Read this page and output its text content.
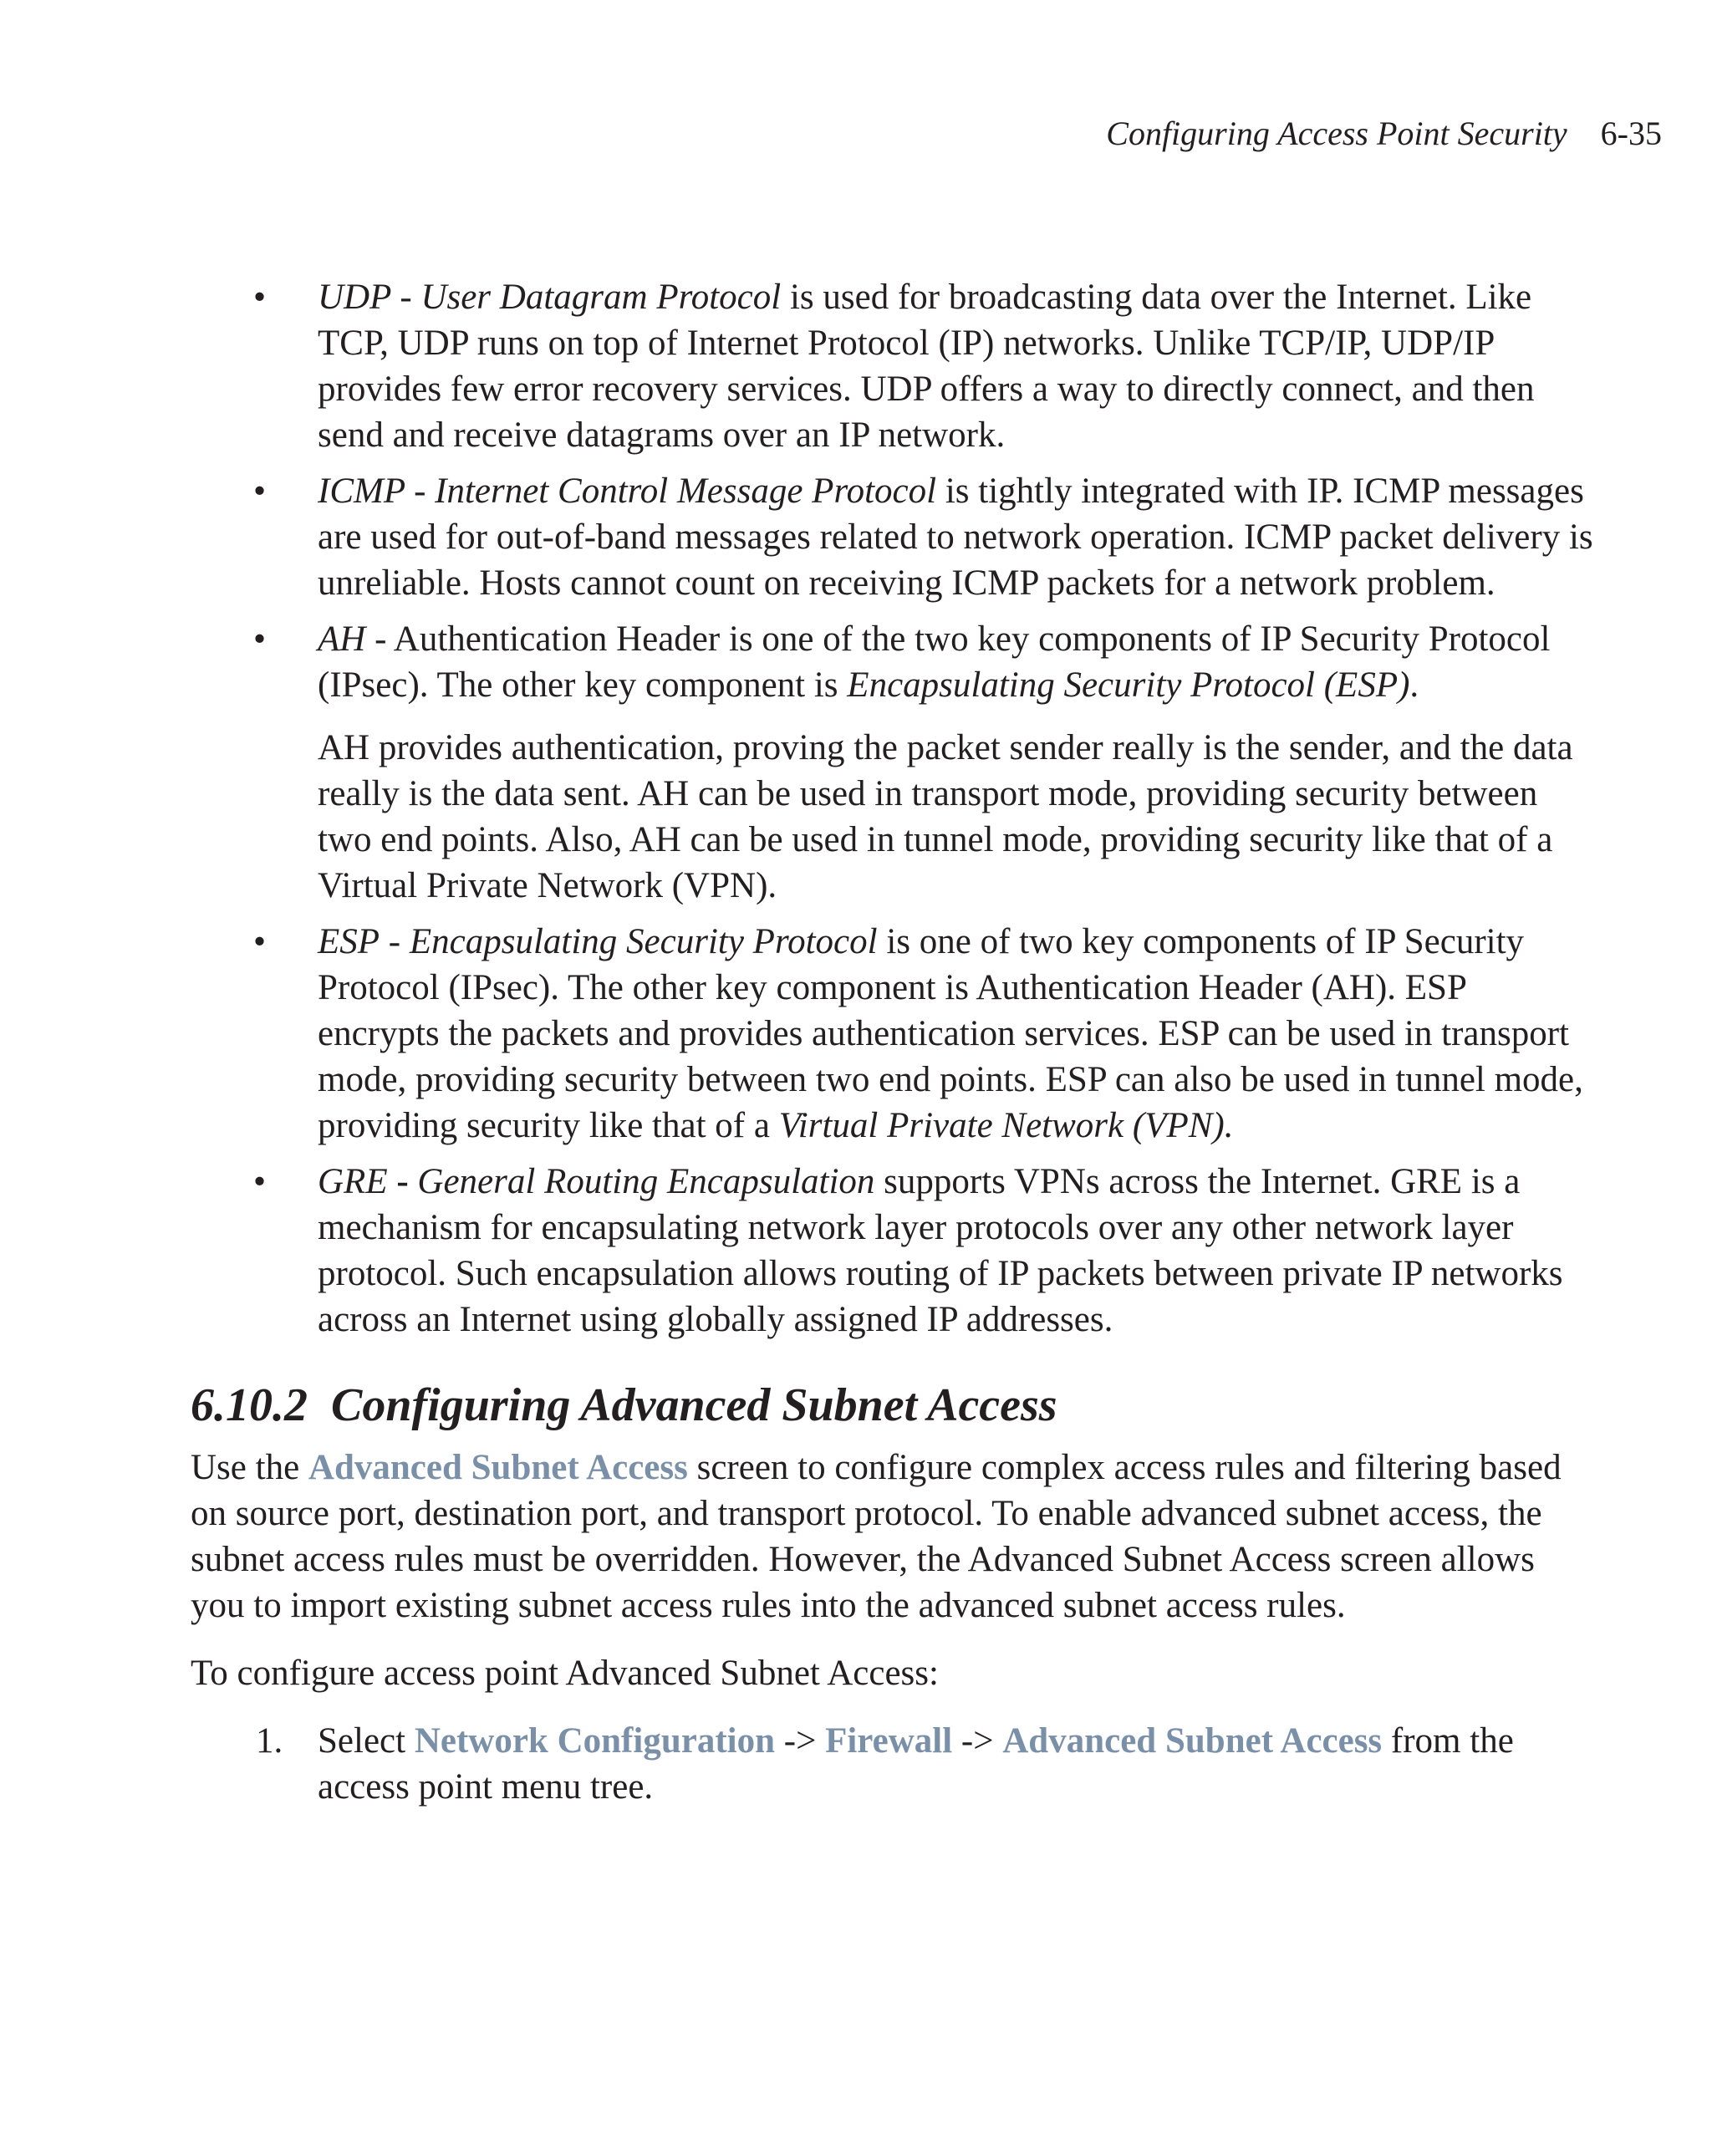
Configuring Access Point Security 6-35
• UDP - User Datagram Protocol is used for broadcasting data over the Internet. Like TCP, UDP runs on top of Internet Protocol (IP) networks. Unlike TCP/IP, UDP/IP provides few error recovery services. UDP offers a way to directly connect, and then send and receive datagrams over an IP network.
• ICMP - Internet Control Message Protocol is tightly integrated with IP. ICMP messages are used for out-of-band messages related to network operation. ICMP packet delivery is unreliable. Hosts cannot count on receiving ICMP packets for a network problem.
• AH - Authentication Header is one of the two key components of IP Security Protocol (IPsec). The other key component is Encapsulating Security Protocol (ESP).
AH provides authentication, proving the packet sender really is the sender, and the data really is the data sent. AH can be used in transport mode, providing security between two end points. Also, AH can be used in tunnel mode, providing security like that of a Virtual Private Network (VPN).
• ESP - Encapsulating Security Protocol is one of two key components of IP Security Protocol (IPsec). The other key component is Authentication Header (AH). ESP encrypts the packets and provides authentication services. ESP can be used in transport mode, providing security between two end points. ESP can also be used in tunnel mode, providing security like that of a Virtual Private Network (VPN).
• GRE - General Routing Encapsulation supports VPNs across the Internet. GRE is a mechanism for encapsulating network layer protocols over any other network layer protocol. Such encapsulation allows routing of IP packets between private IP networks across an Internet using globally assigned IP addresses.
6.10.2 Configuring Advanced Subnet Access

Use the Advanced Subnet Access screen to configure complex access rules and filtering based on source port, destination port, and transport protocol. To enable advanced subnet access, the subnet access rules must be overridden. However, the Advanced Subnet Access screen allows you to import existing subnet access rules into the advanced subnet access rules.

To configure access point Advanced Subnet Access:

1. Select Network Configuration -> Firewall -> Advanced Subnet Access from the access point menu tree.
